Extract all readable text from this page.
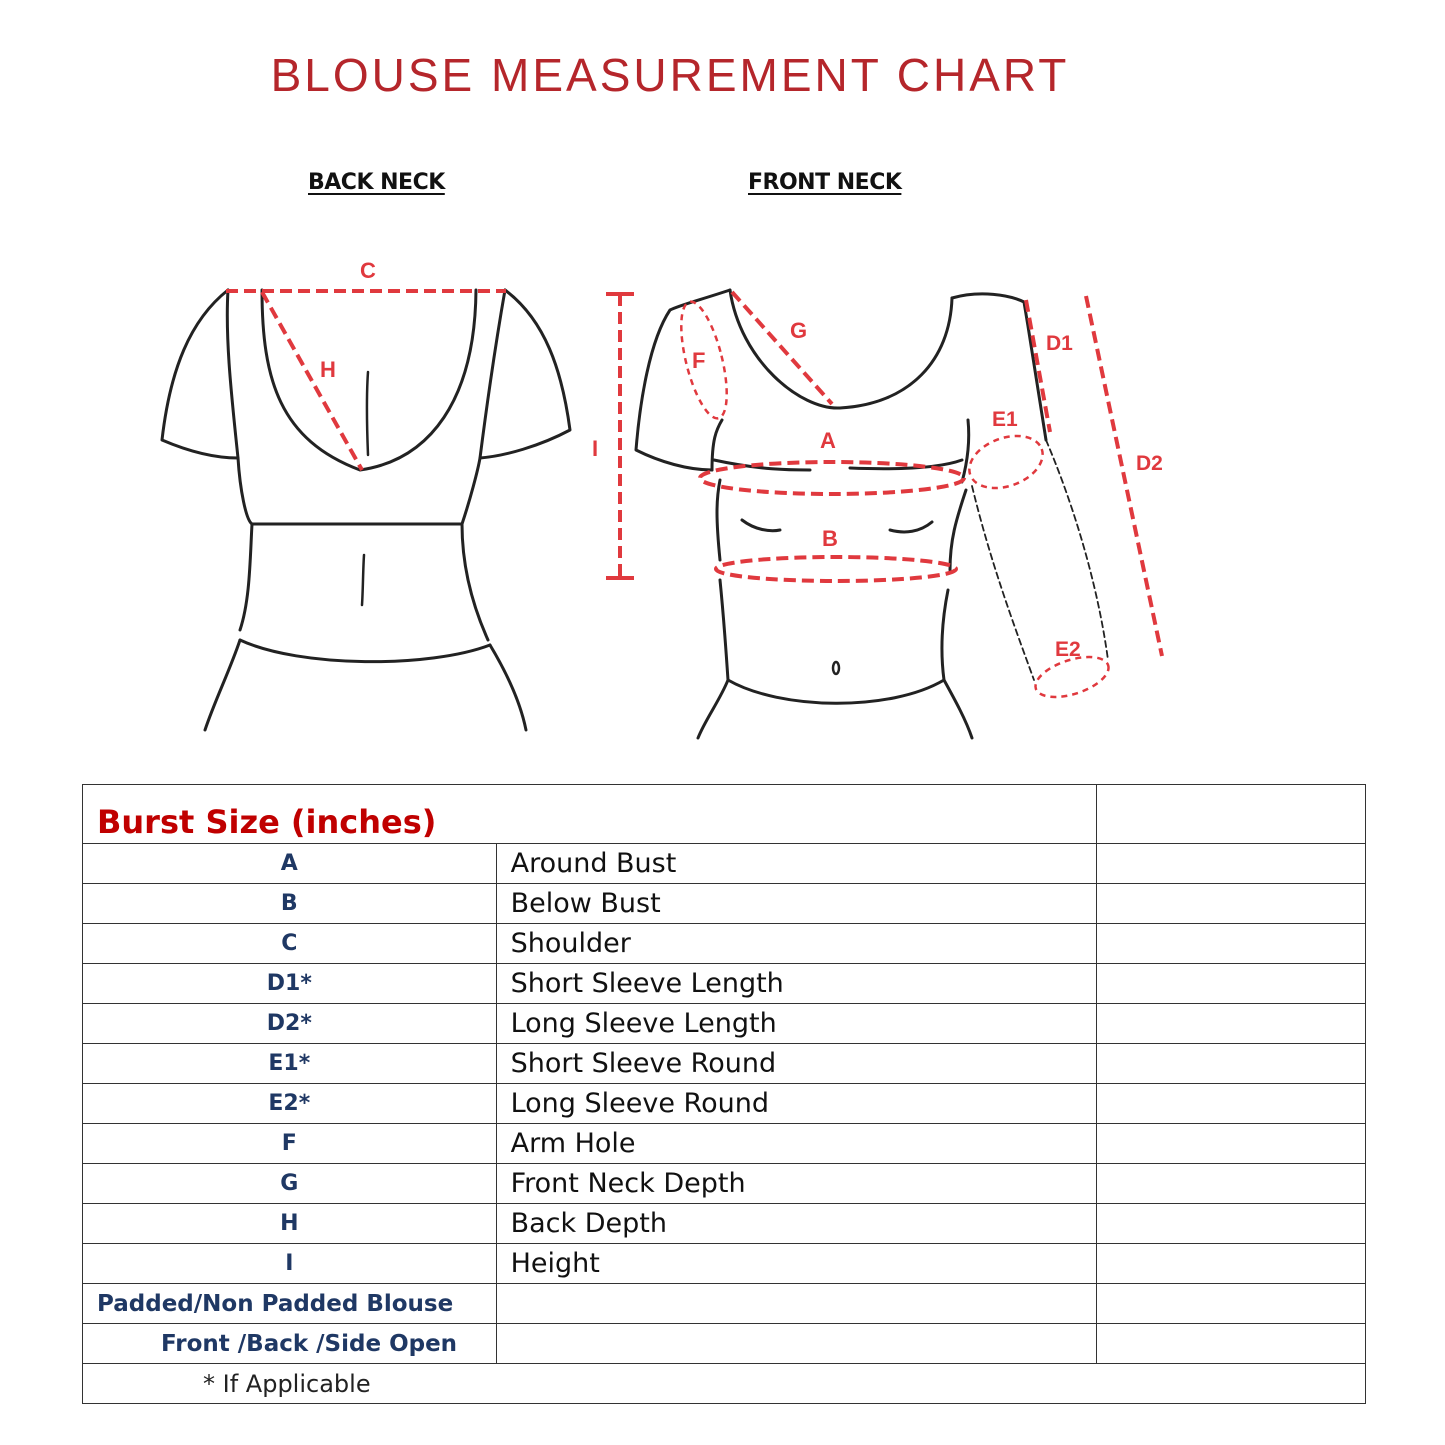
BLOUSE MEASUREMENT CHART
BACK NECK	FRONT NECK
C
H
I
G
F
A
B
D1
D2
E1
E2
Burst Size (inches)		
A	Around Bust	
B	Below Bust	
C	Shoulder	
D1*	Short Sleeve Length	
D2*	Long Sleeve Length	
E1*	Short Sleeve Round	
E2*	Long Sleeve Round	
F	Arm Hole	
G	Front Neck Depth	
H	Back Depth	
I	Height	
Padded/Non Padded Blouse		
Front /Back /Side Open		
* If Applicable		
